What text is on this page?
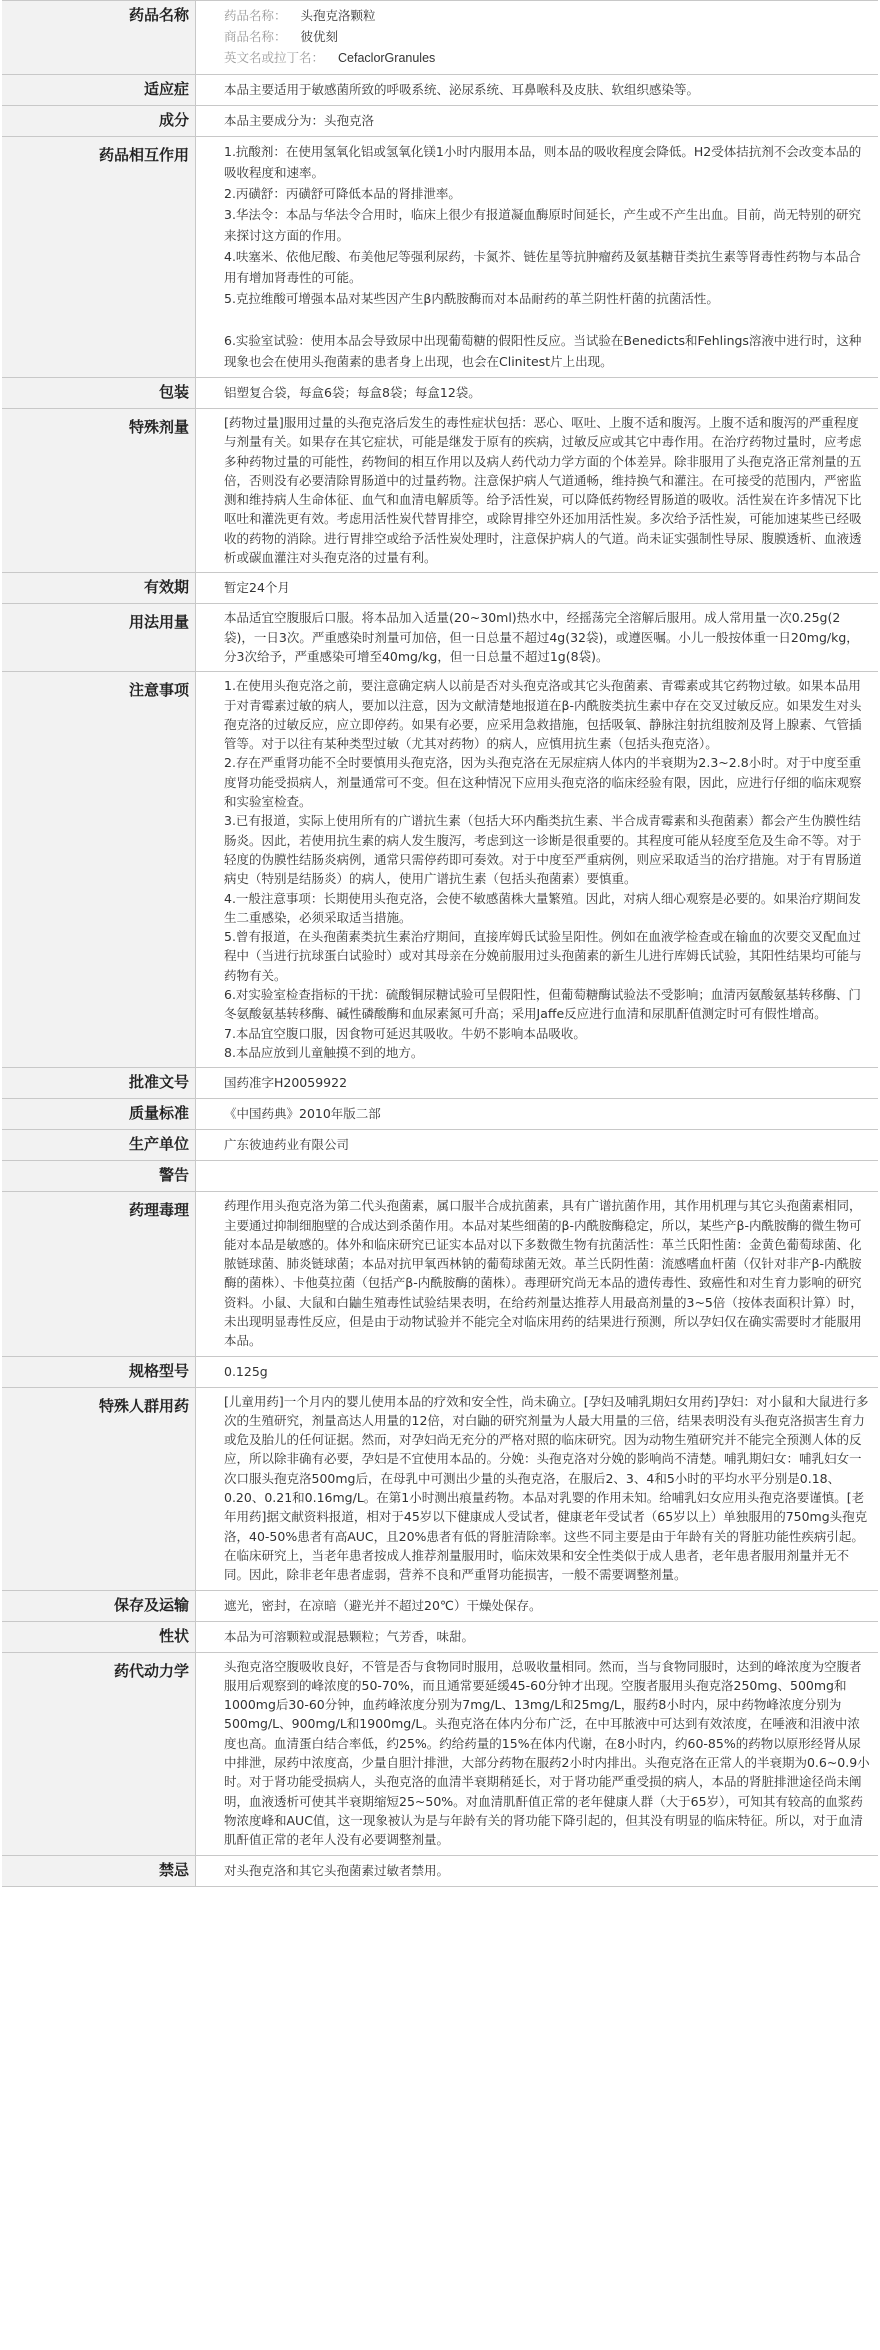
药品名称	药品名称： 头孢克洛颗粒
商品名称： 彼优刻
英文名或拉丁名： CefaclorGranules
适应症	本品主要适用于敏感菌所致的呼吸系统、泌尿系统、耳鼻喉科及皮肤、软组织感染等。
成分	本品主要成分为：头孢克洛
药品相互作用	1.抗酸剂：在使用氢氧化铝或氢氧化镁1小时内服用本品，则本品的吸收程度会降低。H2受体拮抗剂不会改变本品的吸收程度和速率。
2.丙磺舒：丙磺舒可降低本品的肾排泄率。
3.华法令：本品与华法令合用时，临床上很少有报道凝血酶原时间延长，产生或不产生出血。目前，尚无特别的研究来探讨这方面的作用。
4.呋塞米、依他尼酸、布美他尼等强利尿药，卡氮芥、链佐星等抗肿瘤药及氨基糖苷类抗生素等肾毒性药物与本品合用有增加肾毒性的可能。
5.克拉维酸可增强本品对某些因产生β内酰胺酶而对本品耐药的革兰阴性杆菌的抗菌活性。

6.实验室试验：使用本品会导致尿中出现葡萄糖的假阳性反应。当试验在Benedicts和Fehlings溶液中进行时，这种现象也会在使用头孢菌素的患者身上出现，也会在Clinitest片上出现。
包装	铝塑复合袋，每盒6袋；每盒8袋；每盒12袋。
特殊剂量	[药物过量]服用过量的头孢克洛后发生的毒性症状包括：恶心、呕吐、上腹不适和腹泻。上腹不适和腹泻的严重程度与剂量有关。如果存在其它症状，可能是继发于原有的疾病，过敏反应或其它中毒作用。在治疗药物过量时，应考虑多种药物过量的可能性，药物间的相互作用以及病人药代动力学方面的个体差异。除非服用了头孢克洛正常剂量的五倍，否则没有必要清除胃肠道中的过量药物。注意保护病人气道通畅，维持换气和灌注。在可接受的范围内，严密监测和维持病人生命体征、血气和血清电解质等。给予活性炭，可以降低药物经胃肠道的吸收。活性炭在许多情况下比呕吐和灌洗更有效。考虑用活性炭代替胃排空，或除胃排空外还加用活性炭。多次给予活性炭，可能加速某些已经吸收的药物的消除。进行胃排空或给予活性炭处理时，注意保护病人的气道。尚未证实强制性导尿、腹膜透析、血液透析或碳血灌注对头孢克洛的过量有利。
有效期	暂定24个月
用法用量	本品适宜空腹服后口服。将本品加入适量(20~30ml)热水中，经摇荡完全溶解后服用。成人常用量一次0.25g(2袋)，一日3次。严重感染时剂量可加倍，但一日总量不超过4g(32袋)，或遵医嘱。小儿一般按体重一日20mg/kg，分3次给予，严重感染可增至40mg/kg，但一日总量不超过1g(8袋)。
注意事项	1.在使用头孢克洛之前，要注意确定病人以前是否对头孢克洛或其它头孢菌素、青霉素或其它药物过敏。如果本品用于对青霉素过敏的病人，要加以注意，因为文献清楚地报道在β-内酰胺类抗生素中存在交叉过敏反应。如果发生对头孢克洛的过敏反应，应立即停药。如果有必要，应采用急救措施，包括吸氧、静脉注射抗组胺剂及肾上腺素、气管插管等。对于以往有某种类型过敏（尤其对药物）的病人，应慎用抗生素（包括头孢克洛）。
2.存在严重肾功能不全时要慎用头孢克洛，因为头孢克洛在无尿症病人体内的半衰期为2.3~2.8小时。对于中度至重度肾功能受损病人，剂量通常可不变。但在这种情况下应用头孢克洛的临床经验有限，因此，应进行仔细的临床观察和实验室检查。
3.已有报道，实际上使用所有的广谱抗生素（包括大环内酯类抗生素、半合成青霉素和头孢菌素）都会产生伪膜性结肠炎。因此，若使用抗生素的病人发生腹泻，考虑到这一诊断是很重要的。其程度可能从轻度至危及生命不等。对于轻度的伪膜性结肠炎病例，通常只需停药即可奏效。对于中度至严重病例，则应采取适当的治疗措施。对于有胃肠道病史（特别是结肠炎）的病人，使用广谱抗生素（包括头孢菌素）要慎重。
4.一般注意事项：长期使用头孢克洛，会使不敏感菌株大量繁殖。因此，对病人细心观察是必要的。如果治疗期间发生二重感染，必须采取适当措施。
5.曾有报道，在头孢菌素类抗生素治疗期间，直接库姆氏试验呈阳性。例如在血液学检查或在输血的次要交叉配血过程中（当进行抗球蛋白试验时）或对其母亲在分娩前服用过头孢菌素的新生儿进行库姆氏试验，其阳性结果均可能与药物有关。
6.对实验室检查指标的干扰：硫酸铜尿糖试验可呈假阳性，但葡萄糖酶试验法不受影响；血清丙氨酸氨基转移酶、门冬氨酸氨基转移酶、碱性磷酸酶和血尿素氮可升高；采用Jaffe反应进行血清和尿肌酐值测定时可有假性增高。
7.本品宜空腹口服，因食物可延迟其吸收。牛奶不影响本品吸收。
8.本品应放到儿童触摸不到的地方。
批准文号	国药准字H20059922
质量标准	《中国药典》2010年版二部
生产单位	广东彼迪药业有限公司
警告
药理毒理	药理作用头孢克洛为第二代头孢菌素，属口服半合成抗菌素，具有广谱抗菌作用，其作用机理与其它头孢菌素相同，主要通过抑制细胞壁的合成达到杀菌作用。本品对某些细菌的β-内酰胺酶稳定，所以，某些产β-内酰胺酶的微生物可能对本品是敏感的。体外和临床研究已证实本品对以下多数微生物有抗菌活性：革兰氏阳性菌：金黄色葡萄球菌、化脓链球菌、肺炎链球菌；本品对抗甲氧西林钠的葡萄球菌无效。革兰氏阴性菌：流感嗜血杆菌（仅针对非产β-内酰胺酶的菌株）、卡他莫拉菌（包括产β-内酰胺酶的菌株）。毒理研究尚无本品的遗传毒性、致癌性和对生育力影响的研究资料。小鼠、大鼠和白鼬生殖毒性试验结果表明，在给药剂量达推荐人用最高剂量的3~5倍（按体表面积计算）时，未出现明显毒性反应，但是由于动物试验并不能完全对临床用药的结果进行预测，所以孕妇仅在确实需要时才能服用本品。
规格型号	0.125g
特殊人群用药	[儿童用药]一个月内的婴儿使用本品的疗效和安全性，尚未确立。[孕妇及哺乳期妇女用药]孕妇：对小鼠和大鼠进行多次的生殖研究，剂量高达人用量的12倍，对白鼬的研究剂量为人最大用量的三倍，结果表明没有头孢克洛损害生育力或危及胎儿的任何证据。然而，对孕妇尚无充分的严格对照的临床研究。因为动物生殖研究并不能完全预测人体的反应，所以除非确有必要，孕妇是不宜使用本品的。分娩：头孢克洛对分娩的影响尚不清楚。哺乳期妇女：哺乳妇女一次口服头孢克洛500mg后，在母乳中可测出少量的头孢克洛，在服后2、3、4和5小时的平均水平分别是0.18、0.20、0.21和0.16mg/L。在第1小时测出痕量药物。本品对乳婴的作用未知。给哺乳妇女应用头孢克洛要谨慎。[老年用药]据文献资料报道，相对于45岁以下健康成人受试者，健康老年受试者（65岁以上）单独服用的750mg头孢克洛，40-50%患者有高AUC，且20%患者有低的肾脏清除率。这些不同主要是由于年龄有关的肾脏功能性疾病引起。在临床研究上，当老年患者按成人推荐剂量服用时，临床效果和安全性类似于成人患者，老年患者服用剂量并无不同。因此，除非老年患者虚弱，营养不良和严重肾功能损害，一般不需要调整剂量。
保存及运输	遮光，密封，在凉暗（避光并不超过20℃）干燥处保存。
性状	本品为可溶颗粒或混悬颗粒；气芳香，味甜。
药代动力学	头孢克洛空腹吸收良好，不管是否与食物同时服用，总吸收量相同。然而，当与食物同服时，达到的峰浓度为空腹者服用后观察到的峰浓度的50-70%，而且通常要延缓45-60分钟才出现。空腹者服用头孢克洛250mg、500mg和1000mg后30-60分钟，血药峰浓度分别为7mg/L、13mg/L和25mg/L，服药8小时内，尿中药物峰浓度分别为500mg/L、900mg/L和1900mg/L。头孢克洛在体内分布广泛，在中耳脓液中可达到有效浓度，在唾液和泪液中浓度也高。血清蛋白结合率低，约25%。约给药量的15%在体内代谢，在8小时内，约60-85%的药物以原形经肾从尿中排泄，尿药中浓度高，少量自胆汁排泄，大部分药物在服药2小时内排出。头孢克洛在正常人的半衰期为0.6~0.9小时。对于肾功能受损病人，头孢克洛的血清半衰期稍延长，对于肾功能严重受损的病人，本品的肾脏排泄途径尚未阐明，血液透析可使其半衰期缩短25~50%。对血清肌酐值正常的老年健康人群（大于65岁），可知其有较高的血浆药物浓度峰和AUC值，这一现象被认为是与年龄有关的肾功能下降引起的，但其没有明显的临床特征。所以，对于血清肌酐值正常的老年人没有必要调整剂量。
禁忌	对头孢克洛和其它头孢菌素过敏者禁用。
